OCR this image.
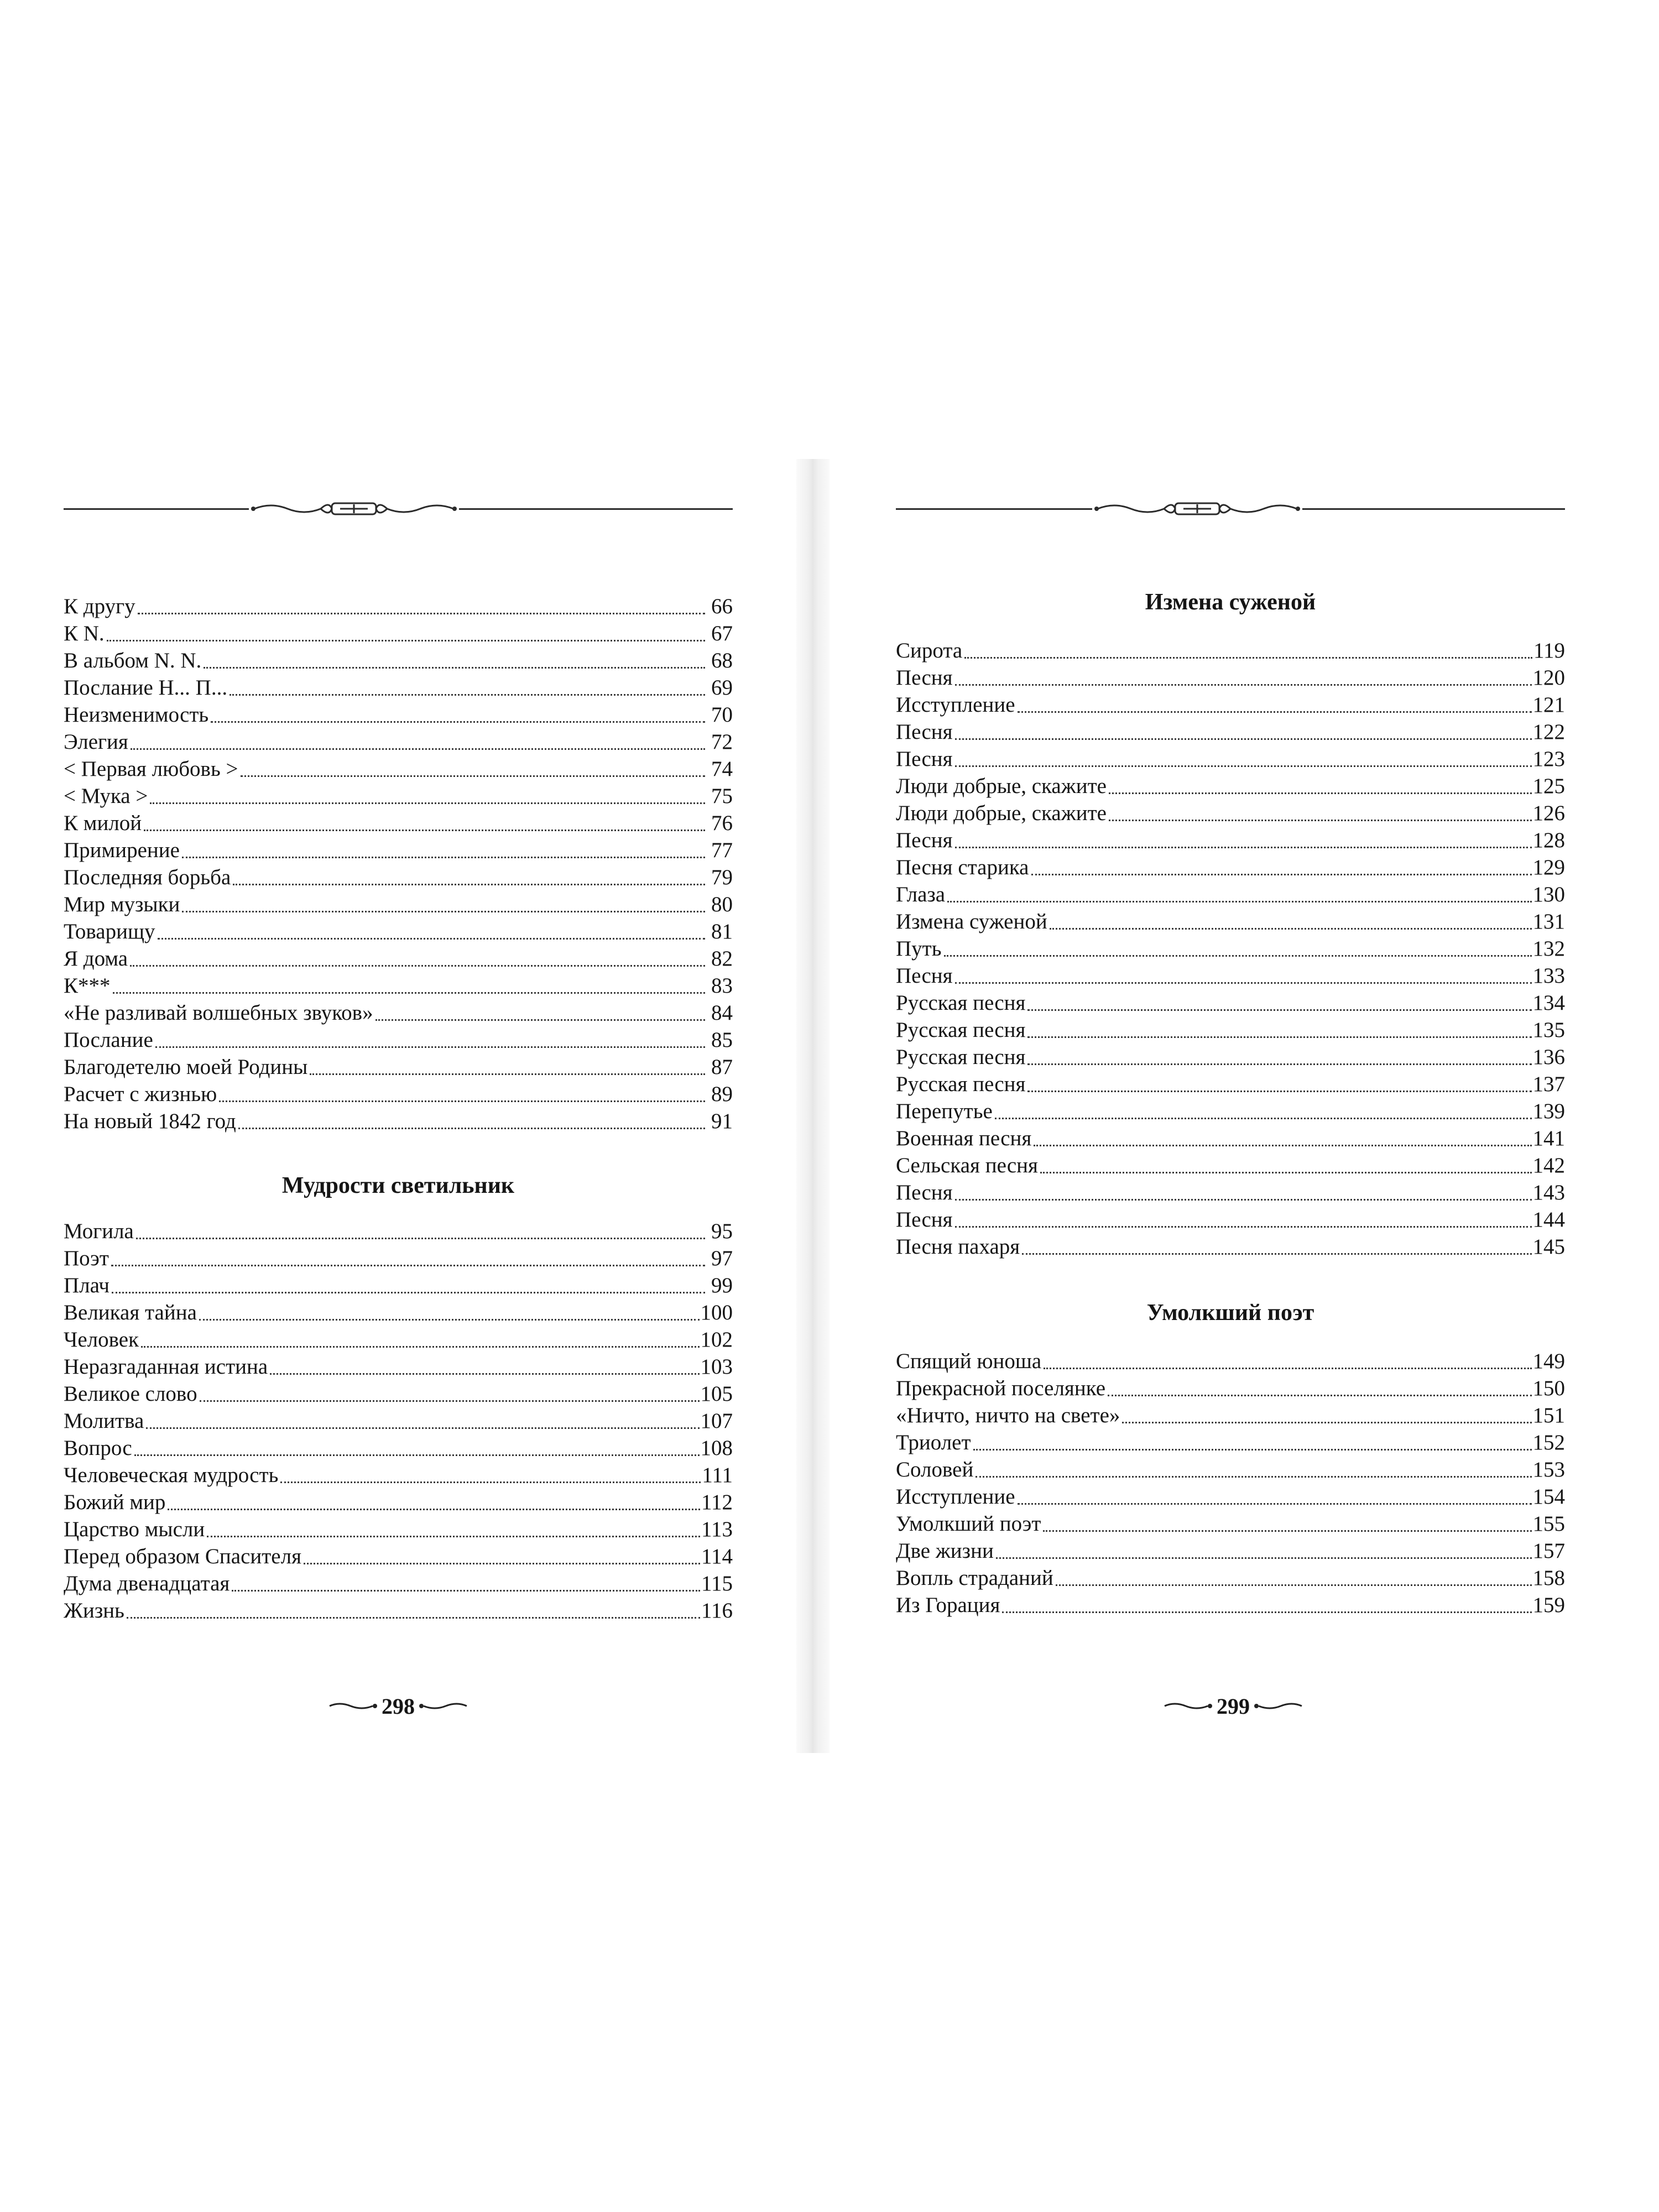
К другу	66
К N.	67
В альбом N. N.	68
Послание Н... П...	69
Неизменимость	70
Элегия	72
< Первая любовь >	74
< Мука >	75
К милой	76
Примирение	77
Последняя борьба	79
Мир музыки	80
Товарищу	81
Я дома	82
К***	83
«Не разливай волшебных звуков»	84
Послание	85
Благодетелю моей Родины	87
Расчет с жизнью	89
На новый 1842 год	91
Мудрости светильник
Могила	95
Поэт	97
Плач	99
Великая тайна	100
Человек	102
Неразгаданная истина	103
Великое слово	105
Молитва	107
Вопрос	108
Человеческая мудрость	111
Божий мир	112
Царство мысли	113
Перед образом Спасителя	114
Дума двенадцатая	115
Жизнь	116
298
Измена суженой
Сирота	119
Песня	120
Исступление	121
Песня	122
Песня	123
Люди добрые, скажите	125
Люди добрые, скажите	126
Песня	128
Песня старика	129
Глаза	130
Измена суженой	131
Путь	132
Песня	133
Русская песня	134
Русская песня	135
Русская песня	136
Русская песня	137
Перепутье	139
Военная песня	141
Сельская песня	142
Песня	143
Песня	144
Песня пахаря	145
Умолкший поэт
Спящий юноша	149
Прекрасной поселянке	150
«Ничто, ничто на свете»	151
Триолет	152
Соловей	153
Исступление	154
Умолкший поэт	155
Две жизни	157
Вопль страданий	158
Из Горация	159
299
